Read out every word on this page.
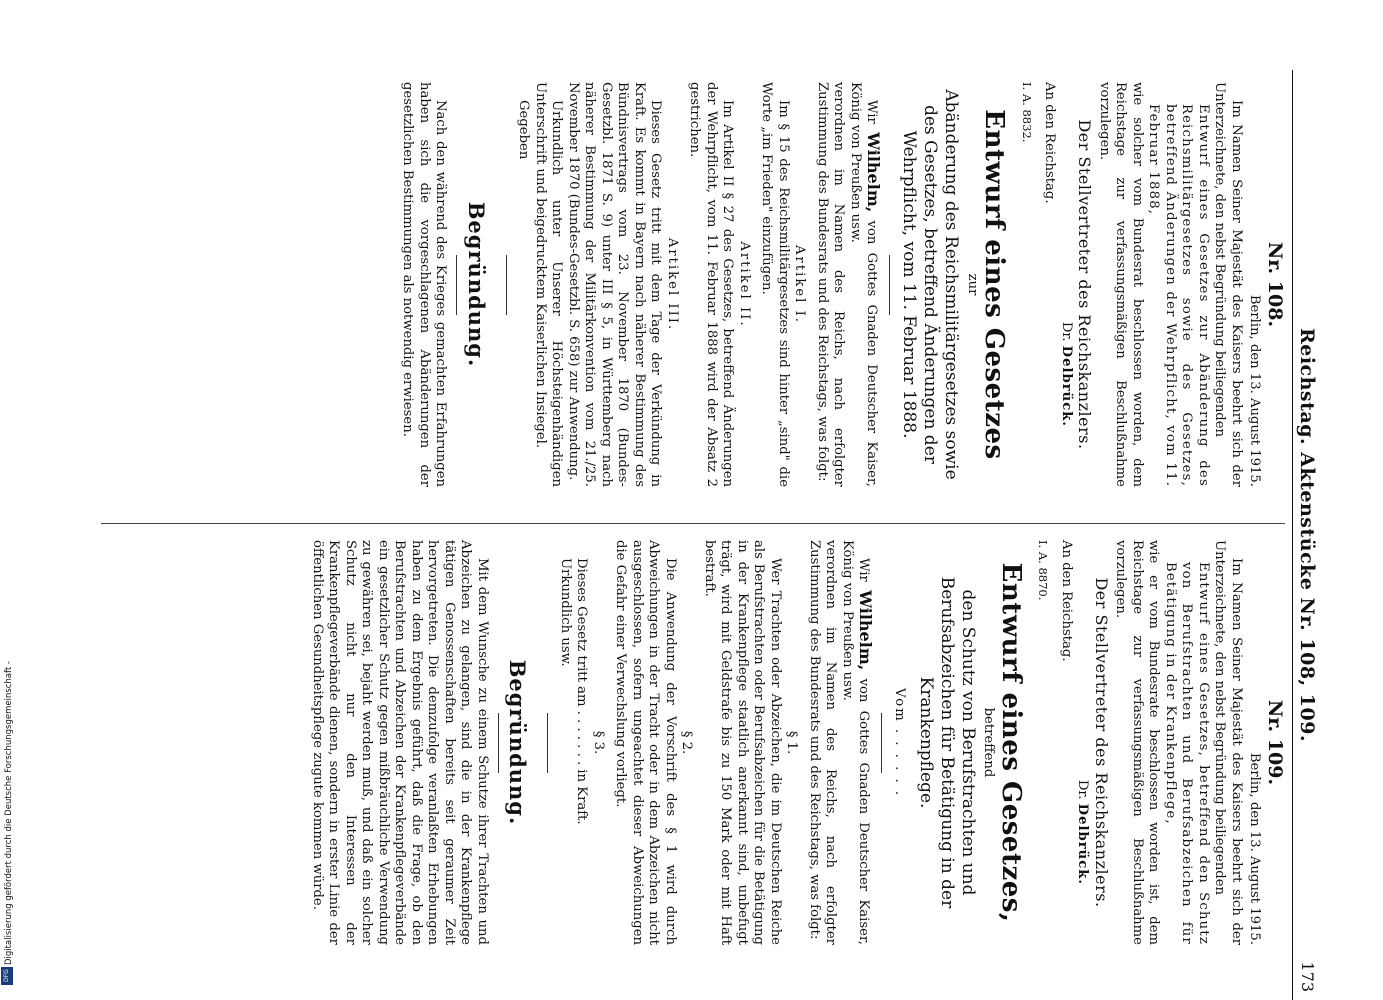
Digitalisierung gefördert durch die Deutsche Forschungsgemeinschaft -
DFG
Reichstag. Aktenstücke Nr. 108, 109.
173
Nr. 108.
Berlin, den 13. August 1915.

Im Namen Seiner Majestät des Kaisers beehrt sich der Unterzeichnete, den nebst Begründung beiliegenden

Entwurf eines Gesetzes zur Abänderung des Reichsmilitärgesetzes sowie des Gesetzes, betreffend Änderungen der Wehrpflicht, vom 11. Februar 1888,

wie solcher vom Bundesrat beschlossen worden, dem Reichstage zur verfassungsmäßigen Beschlußnahme vorzulegen.

Der Stellvertreter des Reichskanzlers.
Dr. Delbrück.
An den Reichstag.
I. A. 8832.
Entwurf eines Gesetzes
zur
Abänderung des Reichsmilitärgesetzes sowie des Gesetzes, betreffend Änderungen der Wehrpflicht, vom 11. Februar 1888.

Wir Wilhelm, von Gottes Gnaden Deutscher Kaiser, König von Preußen usw.

verordnen im Namen des Reichs, nach erfolgter Zustimmung des Bundesrats und des Reichstags, was folgt:

Artikel I.

Im § 15 des Reichsmilitärgesetzes sind hinter „sind" die Worte „im Frieden" einzufügen.

Artikel II.

Im Artikel II § 27 des Gesetzes, betreffend Änderungen der Wehrpflicht, vom 11. Februar 1888 wird der Absatz 2 gestrichen.

Artikel III.

Dieses Gesetz tritt mit dem Tage der Verkündung in Kraft. Es kommt in Bayern nach näherer Bestimmung des Bündnisvertrags vom 23. November 1870 (Bundes-Gesetzbl. 1871 S. 9) unter III § 5, in Württemberg nach näherer Bestimmung der Militärkonvention vom 21./25. November 1870 (Bundes-Gesetzbl. S. 658) zur Anwendung.

Urkundlich unter Unserer Höchsteigenhändigen Unterschrift und beigedrucktem Kaiserlichen Insiegel.

Gegeben

Begründung.

Nach den während des Krieges gemachten Erfahrungen haben sich die vorgeschlagenen Abänderungen der gesetzlichen Bestimmungen als notwendig erwiesen.

Nr. 109.
Berlin, den 13. August 1915.

Im Namen Seiner Majestät des Kaisers beehrt sich der Unterzeichnete, den nebst Begründung beiliegenden

Entwurf eines Gesetzes, betreffend den Schutz von Berufstrachten und Berufsabzeichen für Betätigung in der Krankenpflege,

wie er vom Bundesrate beschlossen worden ist, dem Reichstage zur verfassungsmäßigen Beschlußnahme vorzulegen.

Der Stellvertreter des Reichskanzlers.
Dr. Delbrück.
An den Reichstag.
I. A. 8870.
Entwurf eines Gesetzes,
betreffend
den Schutz von Berufstrachten und Berufsabzeichen für Betätigung in der Krankenpflege.
Vom . . . . . .

Wir Wilhelm, von Gottes Gnaden Deutscher Kaiser, König von Preußen usw.

verordnen im Namen des Reichs, nach erfolgter Zustimmung des Bundesrats und des Reichstags, was folgt:

§ 1.

Wer Trachten oder Abzeichen, die im Deutschen Reiche als Berufstrachten oder Berufsabzeichen für die Betätigung in der Krankenpflege staatlich anerkannt sind, unbefugt trägt, wird mit Geldstrafe bis zu 150 Mark oder mit Haft bestraft.

§ 2.

Die Anwendung der Vorschrift des § 1 wird durch Abweichungen in der Tracht oder in dem Abzeichen nicht ausgeschlossen, sofern ungeachtet dieser Abweichungen die Gefahr einer Verwechslung vorliegt.

§ 3.

Dieses Gesetz tritt am . . . . . . . in Kraft.

Urkundlich usw.

Begründung.

Mit dem Wunsche zu einem Schutze ihrer Trachten und Abzeichen zu gelangen, sind die in der Krankenpflege tätigen Genossenschaften bereits seit geraumer Zeit hervorgetreten. Die demzufolge veranlaßten Erhebungen haben zu dem Ergebnis geführt, daß die Frage, ob den Berufstrachten und Abzeichen der Krankenpflegeverbände ein gesetzlicher Schutz gegen mißbräuchliche Verwendung zu gewähren sei, bejaht werden muß, und daß ein solcher Schutz nicht nur den Interessen der Krankenpflegeverbände dienen, sondern in erster Linie der öffentlichen Gesundheitspflege zugute kommen würde.
